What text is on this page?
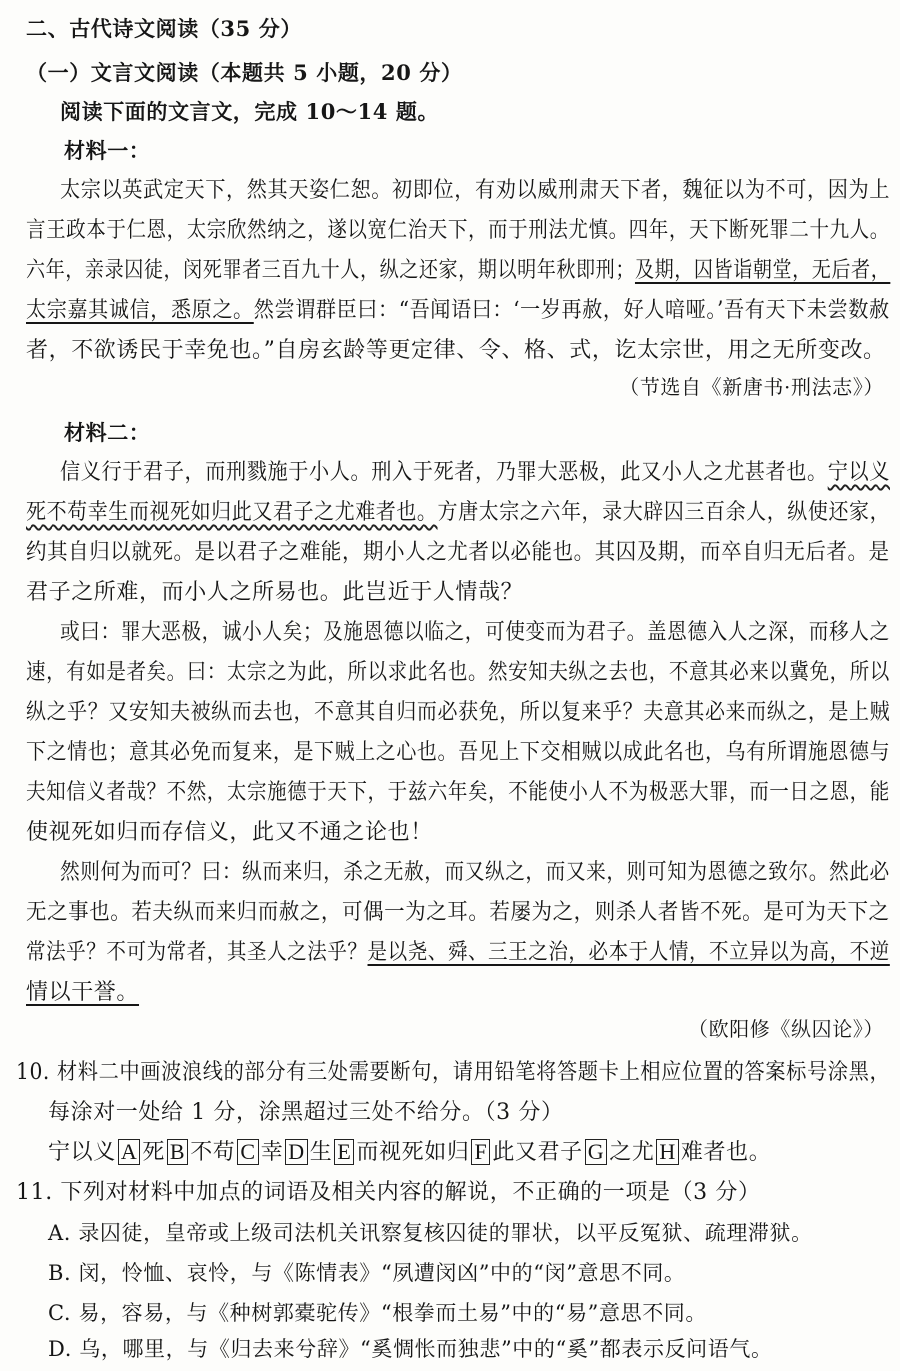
二、古代诗文阅读（35 分）
（一）文言文阅读（本题共 5 小题，20 分）
阅读下面的文言文，完成 10～14 题。
材料一：
太宗以英武定天下，然其天姿仁恕。初即位，有劝以威刑肃天下者，魏征以为不可，因为上
言王政本于仁恩，太宗欣然纳之，遂以宽仁治天下，而于刑法尤慎。四年，天下断死罪二十九人。
六年，亲录囚徒，闵死罪者三百九十人，纵之还家，期以明年秋即刑；及期，囚皆诣朝堂，无后者，
太宗嘉其诚信，悉原之。然尝谓群臣曰：“吾闻语曰：‘一岁再赦，好人喑哑。’吾有天下未尝数赦
者，不欲诱民于幸免也。”自房玄龄等更定律、令、格、式，讫太宗世，用之无所变改。
（节选自《新唐书·刑法志》）
材料二：
信义行于君子，而刑戮施于小人。刑入于死者，乃罪大恶极，此又小人之尤甚者也。宁以义
死不苟幸生而视死如归此又君子之尤难者也。方唐太宗之六年，录大辟囚三百余人，纵使还家，
约其自归以就死。是以君子之难能，期小人之尤者以必能也。其囚及期，而卒自归无后者。是
君子之所难，而小人之所易也。此岂近于人情哉？
或曰：罪大恶极，诚小人矣；及施恩德以临之，可使变而为君子。盖恩德入人之深，而移人之
速，有如是者矣。曰：太宗之为此，所以求此名也。然安知夫纵之去也，不意其必来以冀免，所以
纵之乎？又安知夫被纵而去也，不意其自归而必获免，所以复来乎？夫意其必来而纵之，是上贼
下之情也；意其必免而复来，是下贼上之心也。吾见上下交相贼以成此名也，乌有所谓施恩德与
夫知信义者哉？不然，太宗施德于天下，于兹六年矣，不能使小人不为极恶大罪，而一日之恩，能
使视死如归而存信义，此又不通之论也！
然则何为而可？曰：纵而来归，杀之无赦，而又纵之，而又来，则可知为恩德之致尔。然此必
无之事也。若夫纵而来归而赦之，可偶一为之耳。若屡为之，则杀人者皆不死。是可为天下之
常法乎？不可为常者，其圣人之法乎？是以尧、舜、三王之治，必本于人情，不立异以为高，不逆
情以干誉。
（欧阳修《纵囚论》）
10. 材料二中画波浪线的部分有三处需要断句，请用铅笔将答题卡上相应位置的答案标号涂黑，
每涂对一处给 1 分，涂黑超过三处不给分。（3 分）
宁以义 A 死 B 不苟 C 幸 D 生 E 而视死如归 F 此又君子 G 之尤 H 难者也。
11. 下列对材料中加点的词语及相关内容的解说，不正确的一项是（3 分）
A. 录囚徒，皇帝或上级司法机关讯察复核囚徒的罪状，以平反冤狱、疏理滞狱。
B. 闵，怜恤、哀怜，与《陈情表》“夙遭闵凶”中的“闵”意思不同。
C. 易，容易，与《种树郭橐驼传》“根拳而土易”中的“易”意思不同。
D. 乌，哪里，与《归去来兮辞》“奚惆怅而独悲”中的“奚”都表示反问语气。
